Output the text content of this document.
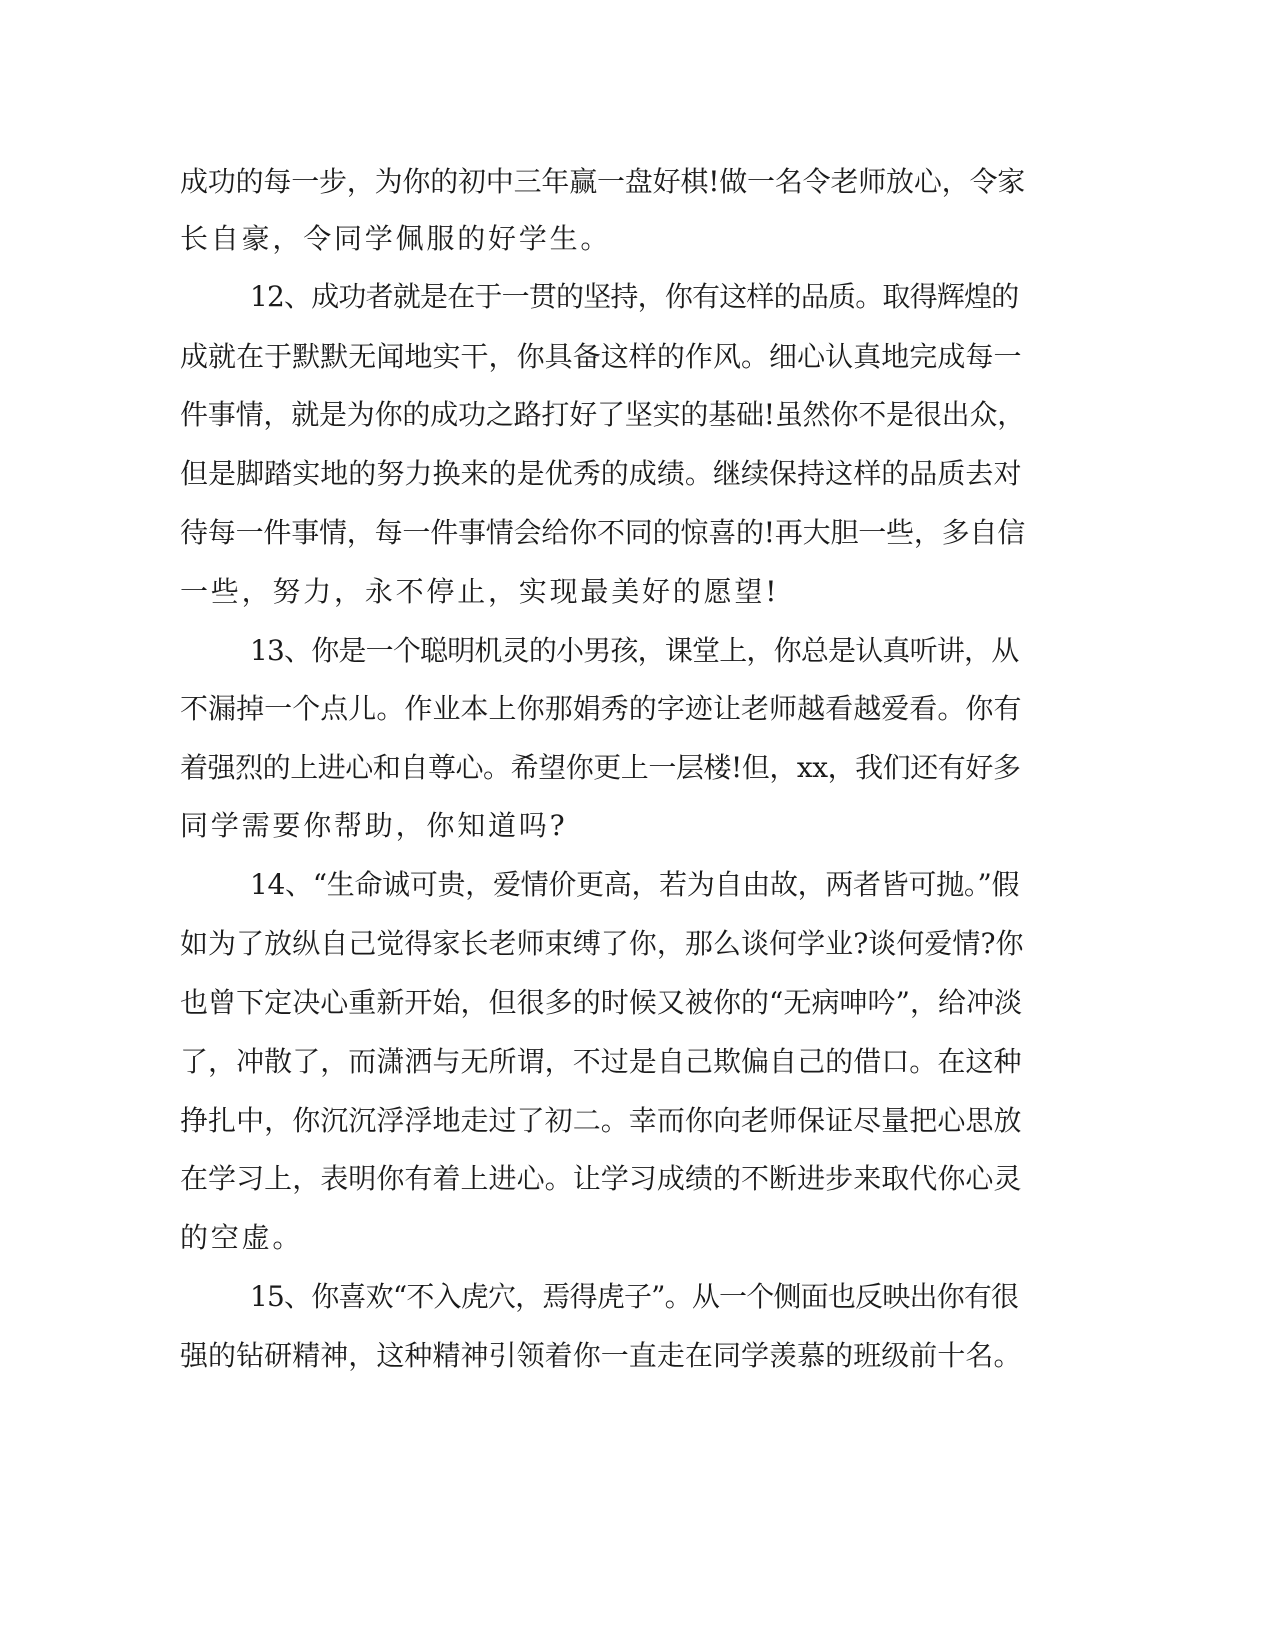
成功的每一步，为你的初中三年赢一盘好棋!做一名令老师放心，令家
长自豪，令同学佩服的好学生。
12、成功者就是在于一贯的坚持，你有这样的品质。取得辉煌的
成就在于默默无闻地实干，你具备这样的作风。细心认真地完成每一
件事情，就是为你的成功之路打好了坚实的基础!虽然你不是很出众，
但是脚踏实地的努力换来的是优秀的成绩。继续保持这样的品质去对
待每一件事情，每一件事情会给你不同的惊喜的!再大胆一些，多自信
一些，努力，永不停止，实现最美好的愿望!
13、你是一个聪明机灵的小男孩，课堂上，你总是认真听讲，从
不漏掉一个点儿。作业本上你那娟秀的字迹让老师越看越爱看。你有
着强烈的上进心和自尊心。希望你更上一层楼!但，xx，我们还有好多
同学需要你帮助，你知道吗?
14、“生命诚可贵，爱情价更高，若为自由故，两者皆可抛。”假
如为了放纵自己觉得家长老师束缚了你，那么谈何学业?谈何爱情?你
也曾下定决心重新开始，但很多的时候又被你的“无病呻吟”，给冲淡
了，冲散了，而潇洒与无所谓，不过是自己欺偏自己的借口。在这种
挣扎中，你沉沉浮浮地走过了初二。幸而你向老师保证尽量把心思放
在学习上，表明你有着上进心。让学习成绩的不断进步来取代你心灵
的空虚。
15、你喜欢“不入虎穴，焉得虎子”。从一个侧面也反映出你有很
强的钻研精神，这种精神引领着你一直走在同学羡慕的班级前十名。
